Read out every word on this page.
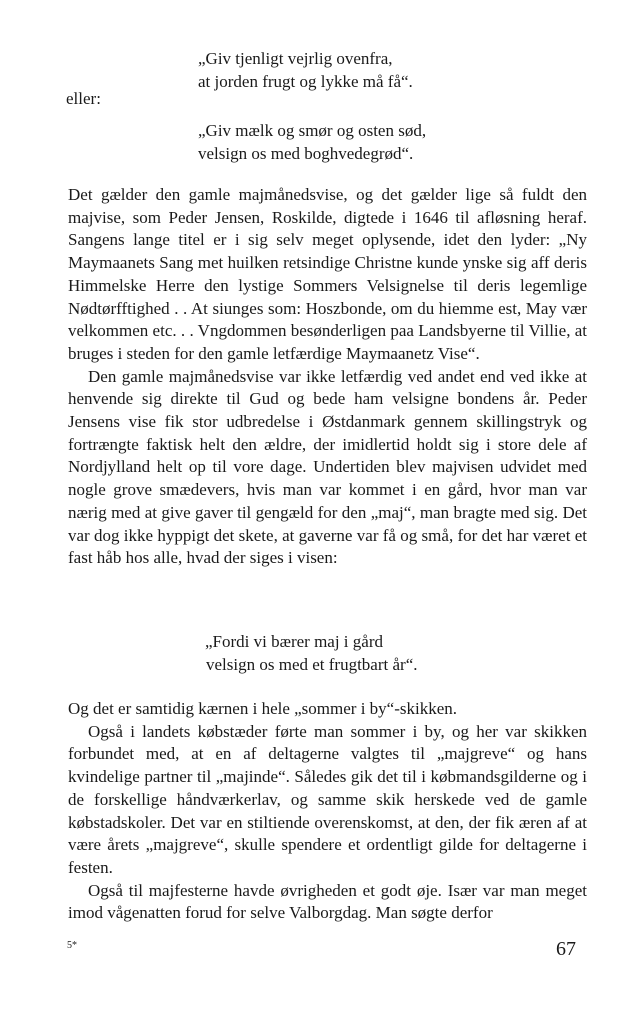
„Giv tjenligt vejrlig ovenfra,
at jorden frugt og lykke må få“.
eller:
„Giv mælk og smør og osten sød,
velsign os med boghvedegrød“.

Det gælder den gamle majmånedsvise, og det gælder lige så fuldt den majvise, som Peder Jensen, Roskilde, digtede i 1646 til afløsning heraf. Sangens lange titel er i sig selv meget oplysende, idet den lyder: „Ny Maymaanets Sang met huilken retsindige Christne kunde ynske sig aff deris Himmelske Herre den lystige Sommers Velsignelse til deris legemlige Nødtørfftighed . . At siunges som: Hoszbonde, om du hiemme est, May vær velkommen etc. . . Vngdommen besønderligen paa Landsbyerne til Villie, at bruges i steden for den gamle letfærdige Maymaanetz Vise“.

Den gamle majmånedsvise var ikke letfærdig ved andet end ved ikke at henvende sig direkte til Gud og bede ham velsigne bondens år. Peder Jensens vise fik stor udbredelse i Østdanmark gennem skillingstryk og fortrængte faktisk helt den ældre, der imidlertid holdt sig i store dele af Nordjylland helt op til vore dage. Undertiden blev majvisen udvidet med nogle grove smædevers, hvis man var kommet i en gård, hvor man var nærig med at give gaver til gengæld for den „maj“, man bragte med sig. Det var dog ikke hyppigt det skete, at gaverne var få og små, for det har været et fast håb hos alle, hvad der siges i visen:

„Fordi vi bærer maj i gård
velsign os med et frugtbart år“.

Og det er samtidig kærnen i hele „sommer i by“-skikken.

Også i landets købstæder førte man sommer i by, og her var skikken forbundet med, at en af deltagerne valgtes til „majgreve“ og hans kvindelige partner til „majinde“. Således gik det til i købmandsgilderne og i de forskellige håndværkerlav, og samme skik herskede ved de gamle købstadskoler. Det var en stiltiende overenskomst, at den, der fik æren af at være årets „majgreve“, skulle spendere et ordentligt gilde for deltagerne i festen.

Også til majfesterne havde øvrigheden et godt øje. Især var man meget imod vågenatten forud for selve Valborgdag. Man søgte derfor

5*	67
